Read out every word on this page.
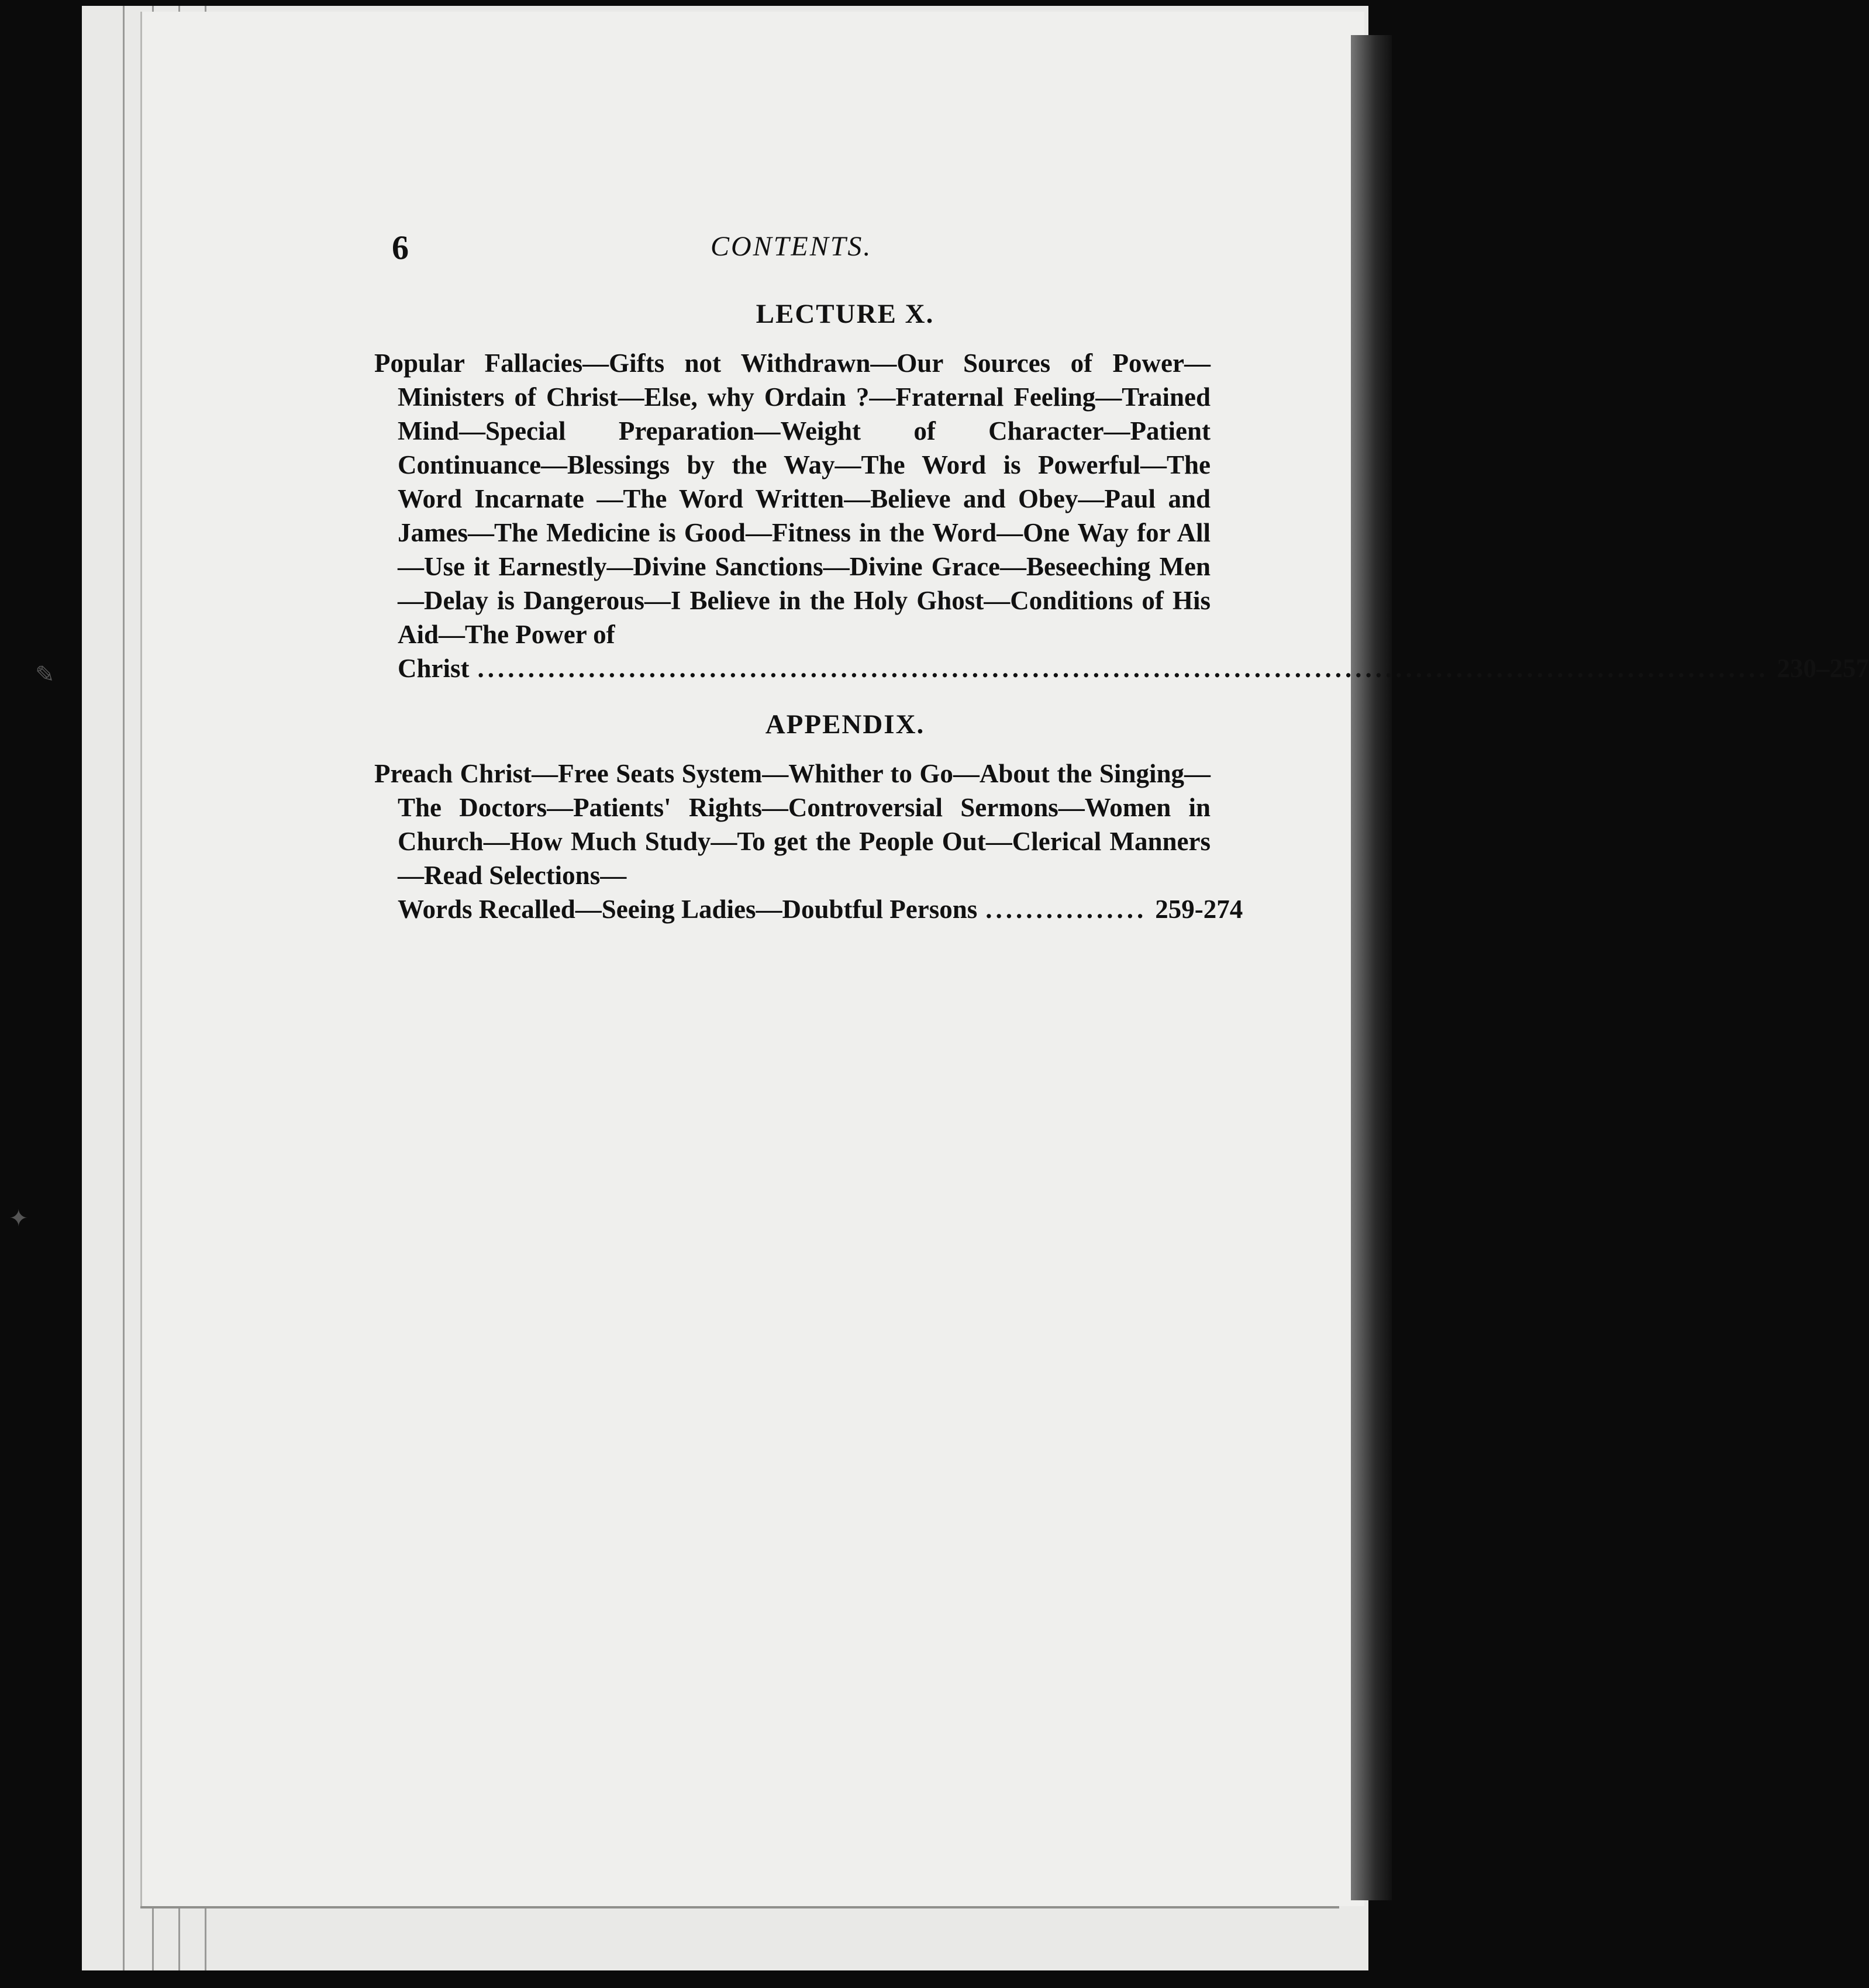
✎
✦
6	CONTENTS.
LECTURE X.
Popular Fallacies—Gifts not Withdrawn—Our Sources of Power—Ministers of Christ—Else, why Ordain ?—Fraternal Feeling—Trained Mind—Special Preparation—Weight of Character—Patient Continuance—Blessings by the Way—The Word is Powerful—The Word Incarnate —The Word Written—Believe and Obey—Paul and James—The Medicine is Good—Fitness in the Word—One Way for All—Use it Earnestly—Divine Sanctions—Divine Grace—Beseeching Men—Delay is Dangerous—I Believe in the Holy Ghost—Conditions of His Aid—The Power of
Christ ................................................................................................................................ 230–257
APPENDIX.
Preach Christ—Free Seats System—Whither to Go—About the Singing—The Doctors—Patients' Rights—Controversial Sermons—Women in Church—How Much Study—To get the People Out—Clerical Manners—Read Selections—
Words Recalled—Seeing Ladies—Doubtful Persons ................ 259-274
